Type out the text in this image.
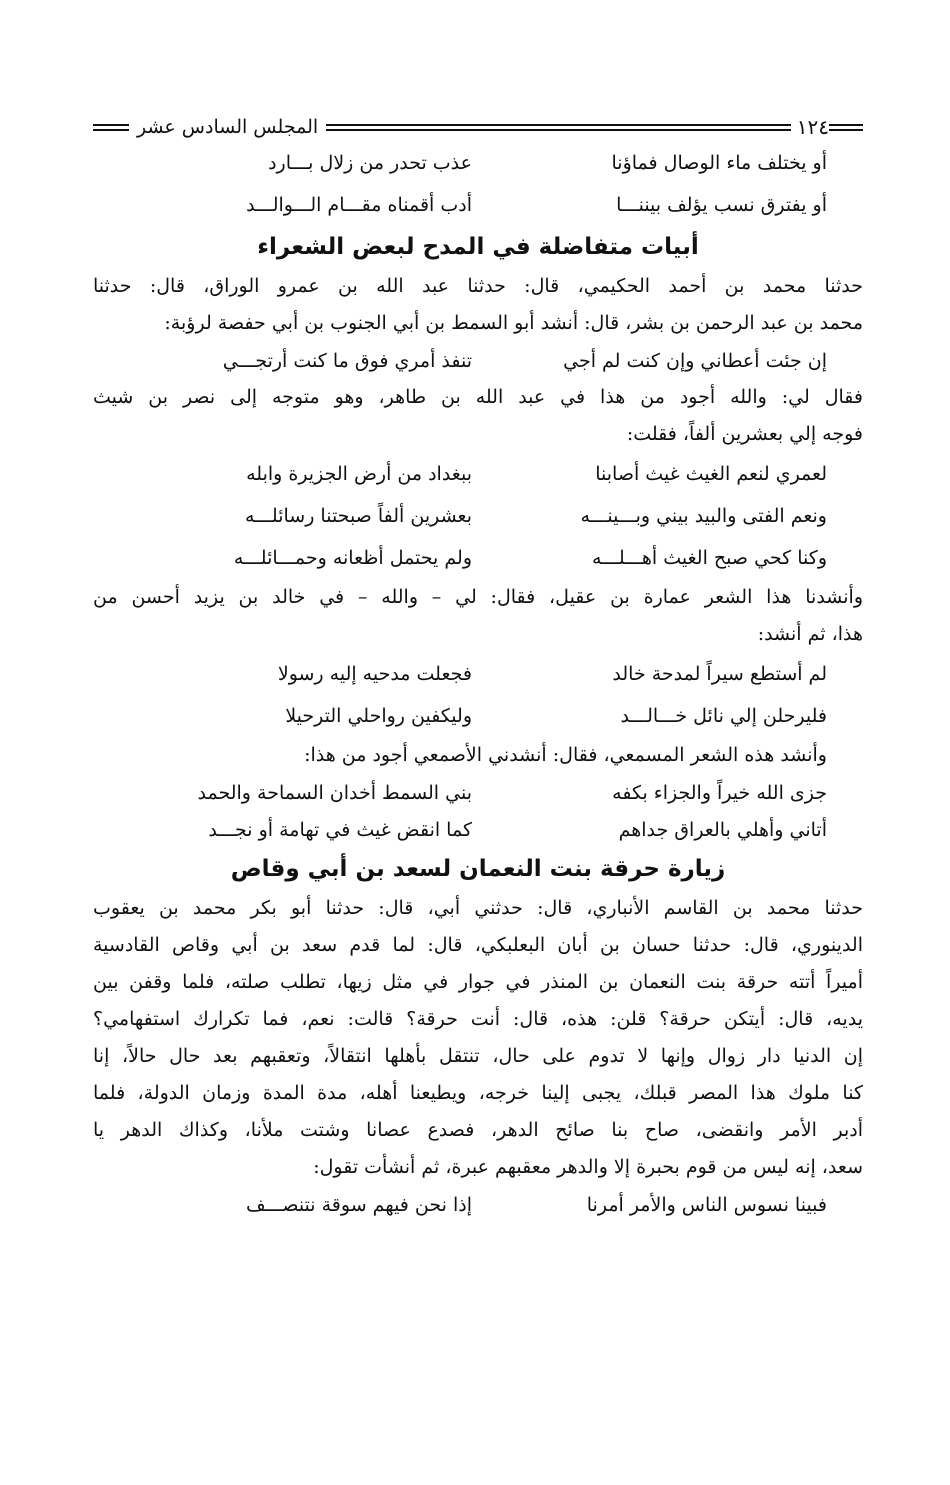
١٢٤
المجلس السادس عشر
أو يختلف ماء الوصال فماؤنا
عذب تحدر من زلال بـــارد
أو يفترق نسب يؤلف بيننـــا
أدب أقمناه مقـــام الـــوالـــد
أبيات متفاضلة في المدح لبعض الشعراء
حدثنا محمد بن أحمد الحكيمي، قال: حدثنا عبد الله بن عمرو الوراق، قال: حدثنا
محمد بن عبد الرحمن بن بشر، قال: أنشد أبو السمط بن أبي الجنوب بن أبي حفصة لرؤبة:
إن جئت أعطاني وإن كنت لم أجي
تنفذ أمري فوق ما كنت أرتجـــي
فقال لي: والله أجود من هذا في عبد الله بن طاهر، وهو متوجه إلى نصر بن شيث
فوجه إلي بعشرين ألفاً، فقلت:
لعمري لنعم الغيث غيث أصابنا
ببغداد من أرض الجزيرة وابله
ونعم الفتى والبيد بيني وبـــينـــه
بعشرين ألفاً صبحتنا رسائلـــه
وكنا كحي صبح الغيث أهـــلـــه
ولم يحتمل أظعانه وحمـــائلـــه
وأنشدنا هذا الشعر عمارة بن عقيل، فقال: لي – والله – في خالد بن يزيد أحسن من
هذا، ثم أنشد:
لم أستطع سيراً لمدحة خالد
فجعلت مدحيه إليه رسولا
فليرحلن إلي نائل خـــالـــد
وليكفين رواحلي الترحيلا
وأنشد هذه الشعر المسمعي، فقال: أنشدني الأصمعي أجود من هذا:
جزى الله خيراً والجزاء بكفه
بني السمط أخدان السماحة والحمد
أتاني وأهلي بالعراق جداهم
كما انقض غيث في تهامة أو نجـــد
زيارة حرقة بنت النعمان لسعد بن أبي وقاص
حدثنا محمد بن القاسم الأنباري، قال: حدثني أبي، قال: حدثنا أبو بكر محمد بن يعقوب
الدينوري، قال: حدثنا حسان بن أبان البعلبكي، قال: لما قدم سعد بن أبي وقاص القادسية
أميراً أتته حرقة بنت النعمان بن المنذر في جوار في مثل زيها، تطلب صلته، فلما وقفن بين
يديه، قال: أيتكن حرقة؟ قلن: هذه، قال: أنت حرقة؟ قالت: نعم، فما تكرارك استفهامي؟
إن الدنيا دار زوال وإنها لا تدوم على حال، تنتقل بأهلها انتقالاً، وتعقبهم بعد حال حالاً، إنا
كنا ملوك هذا المصر قبلك، يجبى إلينا خرجه، ويطيعنا أهله، مدة المدة وزمان الدولة، فلما
أدبر الأمر وانقضى، صاح بنا صائح الدهر، فصدع عصانا وشتت ملأنا، وكذاك الدهر يا
سعد، إنه ليس من قوم بحبرة إلا والدهر معقبهم عبرة، ثم أنشأت تقول:
فبينا نسوس الناس والأمر أمرنا
إذا نحن فيهم سوقة نتنصـــف
